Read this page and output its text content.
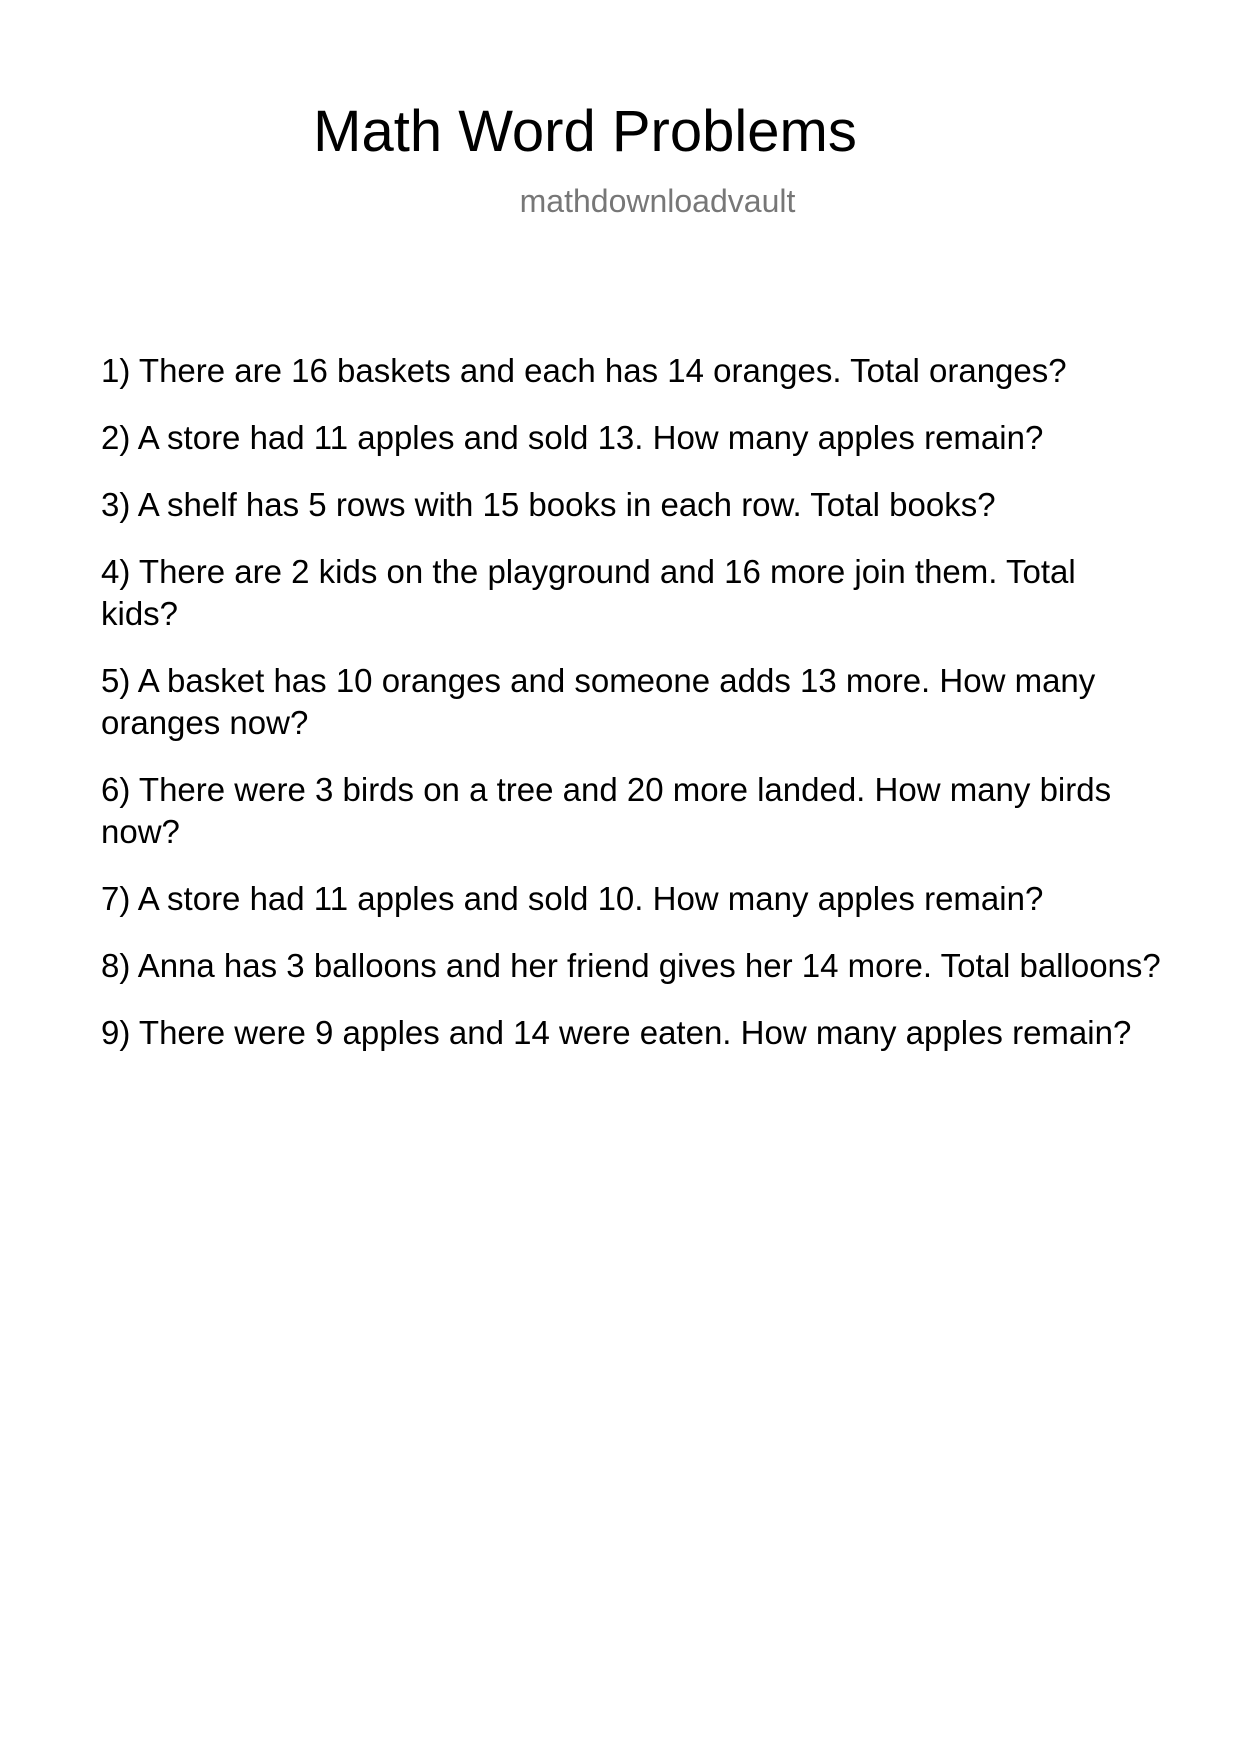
Math Word Problems
mathdownloadvault
1) There are 16 baskets and each has 14 oranges. Total oranges?
2) A store had 11 apples and sold 13. How many apples remain?
3) A shelf has 5 rows with 15 books in each row. Total books?
4) There are 2 kids on the playground and 16 more join them. Total kids?
5) A basket has 10 oranges and someone adds 13 more. How many oranges now?
6) There were 3 birds on a tree and 20 more landed. How many birds now?
7) A store had 11 apples and sold 10. How many apples remain?
8) Anna has 3 balloons and her friend gives her 14 more. Total balloons?
9) There were 9 apples and 14 were eaten. How many apples remain?
